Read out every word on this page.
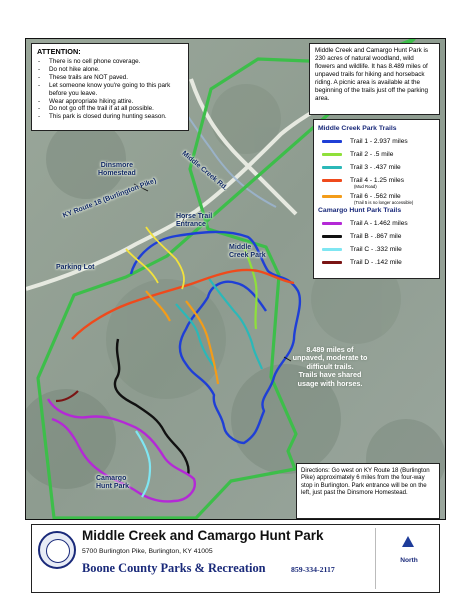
ATTENTION:
-	There is no cell phone coverage.
-	Do not hike alone.
-	These trails are NOT paved.
-	Let someone know you're going to this park before you leave.
-	Wear appropriate hiking attire.
-	Do not go off the trail if at all possible.
-	This park is closed during hunting season.
Middle Creek and Camargo Hunt Park is 230 acres of natural woodland, wild flowers and wildlife. It has 8.489 miles of unpaved trails for hiking and horseback riding. A picnic area is available at the beginning of the trails just off the parking area.
Middle Creek Park Trails
Trail 1 - 2.937 miles
Trail 2 - .5 mile
Trail 3 - .437 mile
Trail 4 - 1.25 miles
(Mud Road)
Trail 6 - .562 mile
(Trail 5 is no longer accessible)
Camargo Hunt Park Trails
Trail A - 1.462 miles
Trail B - .867 mile
Trail C - .332 mile
Trail D - .142 mile
Directions: Go west on KY Route 18 (Burlington Pike) approximately 6 miles from the four-way stop in Burlington. Park entrance will be on the left, just past the Dinsmore Homestead.
Dinsmore
Homestead
KY Route 18 (Burlington Pike)	Horse Trail
Entrance
Parking Lot
Middle
Creek Park
Middle Creek Rd.
Camargo
Hunt Park
8.489 miles of
unpaved, moderate to
difficult trails.
Trails have shared
usage with horses.
Middle Creek and Camargo Hunt Park
5700 Burlington Pike, Burlington, KY 41005
Boone County Parks & Recreation	859-334-2117
North
